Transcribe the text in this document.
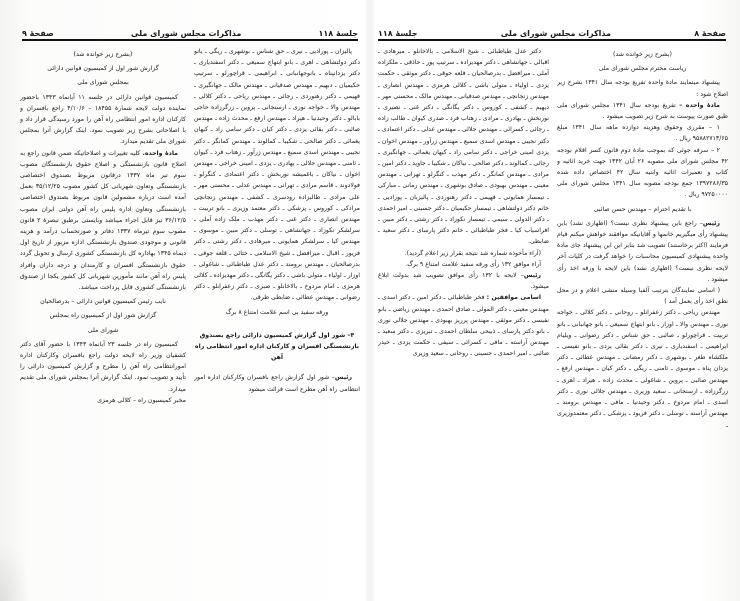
جلسهٔ ۱۱۸
مذاکرات مجلس شورای ملی
صفحهٔ ۹

پالیزان ـ پورادیی ـ نیری ـ حق شناس ـ بوشهری ـ ریگی ـ بانو دکتر دولتشاهی ـ اهری ـ بانو ابتهاج سمیعی ـ دکتر اسفندیاری ـ دکتر یزدانپناه ـ بانوجهانبانی ـ ابراهیمی ـ قراچورلو ـ سرتیپ حکیمیان ـ دبهیم ـ مهندس صدقیانی ـ مهندس مالک ـ جهانگیری ـ فهیمی ـ دکتر رهنوردی ـ رجائی ـ مهندس ریاحی ـ دکتر کلالی ـ مهندس والا ـ خواجه نوری ـ ارسنجانی ـ پروین ـ زرگرزاده حاجی بابالو ـ دکتر وحیدنیا ـ هیراد ـ مهندس ارفع ـ محدث زاده ـ مهندس صائبی ـ دکتر بقائی یزدی ـ دکتر کیان ـ دکتر سامی راد ـ کیهان یغمائی ـ دکتر صالحی ـ شکیبا ـ کمالوند ـ مهندس کمانگر ـ دکتر نجیبی ـ مهندس اسدی سمیع ـ مهندس زرآور ـ زهتاب فرد ـ کیوان ـ ثامنی ـ مهندس جلالی ـ بهادری ـ یزدی ـ امینی خراجی ـ مهندس اخوان ـ نیاکان ـ باغمیشه نوربخش ـ دکتر اعتمادی ـ کنگرلو ـ فولادوند ـ قاسم مرادی ـ تهرانی ـ مهندس عدلی ـ محسنی مهر ـ علی مرادی ـ طالبزاده رودسری ـ کشفی ـ مهندس زنجانچی مرادکی ـ کوروس ـ پزشکی ـ دکتر معتمد وزیری ـ بانو تربیت ـ مهندس انصاری ـ دکتر غنی ـ دکتر مهذب ـ ملک زاده آملی ـ سرلشکر نکوزاد ـ جهانشاهی ـ توسلی ـ دکتر مبین ـ موسوی ـ مهندس کیا ـ سرلشکر همایونی ـ میرهادی ـ دکتر رشتی ـ دکتر فریور ـ اقبال ـ میرافضل ـ شیخ الاسلامی ـ ختائی ـ قلعه جوقی ـ بدرصالحیان ـ مهندس برومند ـ دکتر عدل طباطبائی ـ شاغولی ـ اوزار ـ اولیاء ـ متولی باشی ـ دکتر یگانگی ـ دکتر مهدیزاده ـ کلالی هرمزی ـ امام مردوخ ـ بالاخانلو ـ صبری ـ دکتر زعفرانلو ـ دکتر رضوانی ـ مهندس عطائی ـ ضابطی طرقی.

ورقه سفید بی اسم علامت امتناع ۸ برگ

۴– شور اول گزارش کمیسیون دارائی راجع بصندوق بازنشستگی افسران و کارکنان اداره امور انتظامی راه آهن

رئیس– شور اول گزارش راجع بافسران وکارکنان اداره امور انتظامی راه آهن مطرح است قرائت میشود

(بشرح زیر خوانده شد)

گزارش شور اول از کمیسیون قوانین دارائی

بمجلس شورای ملی

کمیسیون قوانین دارائی در جلسه ۱۱ آبانماه ۱۳۴۳ باحضور نماینده دولت لایحه شمارهٔ ۱۸۴۵۵ – ۴/۱۰/۶ راجع بافسران و کارکنان اداره امور انتظامی راه آهن را مورد رسیدگی قرار داد و با اصلاحاتی بشرح زیر تصویب نمود. اینک گزارش آنرا بمجلس شورای ملی تقدیم میدارد.

مادهٔ واحده. کلیه تغییرات و اصلاحاتیکه ضمن قانون راجع به اصلاح قانون بازنشستگی و اصلاح حقوق بازنشستگان مصوب سوم تیر ماه ۱۳۳۷ درقانون مربوط بصندوق اختصاصی بازنشستگی وتعاون شهربانی کل کشور مصوب ۳۵/۱۲/۲۵ بعمل آمده است درباره مشمولین قانون مربوط بصندوق اختصاصی بازنشستگی وتعاون اداره پلیس راه آهن دولتی ایران مصوب ۳۶/۱۲/۵ نیز قابل اجراء میباشد وبایستی برطبق تبصرهٔ ۲ قانون مصوب سوم تیرماه ۱۳۳۷ دفاتر و صورتحساب درآمد و هزینه قانونی و موجودی صندوق بازنشستگی اداره مزبور از تاریخ اول دیماه ۱۳۴۵ بهاداره کل بازنشستگی کشوری ارسال و تحویل گردد حقوق بازنشستگی افسران و کارمندان و درجه داران وافراد پلیس راه آهن مانند مأمورین شهربانی کل کشور یکجا از صندوق بازنشستگی کشوری قابل پرداخت میباشد.

نایب رئیس کمیسیون قوانین دارائی – بدرصالحیان

گزارش شور اول از کمیسیون راه بمجلس

شورای ملی

کمیسیون راه در جلسه ۲۳ آبانماه ۱۳۴۳ با حضور آقای دکتر کشفیان وزیر راه لایحه دولت راجع بافسران وکارکنان اداره امورانتظامی راه آهن را مطرح و گزارش کمیسیون دارائی را تأیید و تصویب نمود. اینک گزارش آنرا بمجلس شورای ملی تقدیم میدارد.

مخبر کمیسیون راه – کلالی هرمزی

صفحهٔ ۸
مذاکرات مجلس شورای ملی
جلسهٔ ۱۱۸

(بشرح زیر خوانده شد)

ریاست محترم مجلس شورای ملی

پیشنهاد مینمایند مادهٔ واحده تفریغ بودجه سال ۱۳۴۱ بشرح زیر اصلاح شود :

مادهٔ واحده – تفریغ بودجه سال ۱۳۴۱ مجلس شورای ملی طبق صورت پیوست به شرح زیر تصویب میشود .

۱ – مقرری وحقوق وهزینه دوازده ماهه سال ۱۳۴۱ مبلغ ۹۵۸۸۲۷۱۳/۶۵ ریال .

۲ – سرفه جوئی که بموجب مادهٔ دوم قانون کسر اقلام بودجه ۴۲ مجلس شورای ملی مصوبه ۲۶ آبان ۱۳۴۲ جهت خرید اثاثیه و کتاب و تعمیرات اثاثیه وابنیه سال ۴۲ اختصاص داده شده ۱۳۹۷۲۸۶/۳۵ جمع بودجه مصوبه سال ۱۳۴۱ مجلس شورای ملی ۹۷۲۵۰۰۰۰ ریال .

با تقدیم احترام – مهندس حسن صائبی

رئیس– راجع باین پیشنهاد نظری نیست؟ (اظهاری نشد) باین پیشنهاد رأی میگیریم خانمها و آقایانیکه موافقند خواهش میکنم قیام فرمایند (اکثر برخاستند) تصویب شد بنابر این این پیشنهاد جای مادهٔ واحده پیشنهادی کمیسیون محاسبات را خواهد گرفت در کلیات آخر لایحه نظری نیست؟ (اظهاری نشد) باین لایحه با ورقه اخذ رأی میشود .

( اسامی نمایندگان بترتیب آلفبا وسیله منشی اعلام و در محل نطق اخذ رأی بعمل آمد )

مهندس ریاحی ـ دکتر زعفرانلو ـ روحانی ـ دکتر کلالی ـ خواجه نوری ـ مهندس والا ـ اوزار ـ بانو ابتهاج سمیعی ـ بانو جهانبانی ـ بانو تربیت ـ قراچورلو ـ صائبی ـ حق شناس ـ دکتر رضوانی ـ ویلیام ابراهیمی ـ اسفندیاری ـ نیری ـ دکتر بقائی یزدی ـ بانو نفیسی ـ ملکشاه طغر ـ بوشهری ـ دکتر رمضانی ـ مهندس عطائی ـ دکتر یزدان پناه ـ موسوی ـ ثامنی ـ ریگی ـ دکتر کیان ـ مهندس ارفع ـ مهندس صائبی ـ پروین ـ شاغولی ـ محدث زاده ـ هیراد ـ اهری ـ زرگرزاده ـ ارسنجانی ـ سعید وزیری ـ مهندس جلالی نوری ـ دکتر اسدی ـ امام مردوخ ـ دکتر وحیدنیا ـ مافی ـ مهندس برومند ـ مهندس آراسته ـ توسلی ـ دکتر فریود ـ پزشکی ـ دکتر معتمدوزیری ـ

دکتر عدل طباطبائی ـ شیخ الاسلامی ـ بالاخانلو ـ میرهادی ـ اقبالی ـ جهانشاهی ـ دکتر مهدیزاده ـ سرتیپ پور ـ حاذقی ـ ملکزاده آملی ـ میرافضل ـ بدرصالحیان ـ قلعه جوقی ـ دکتر موثقی ـ حکمت یزدی ـ اولیاء ـ متولی باشی ـ کلالی هرمزی ـ مهندس انصاری ـ مهندس زنجانچی ـ مهندس صدقیانی ـ مهندس مالک ـ محسنی مهر ـ دیهیم ـ کشفی ـ کوروس ـ دکتر یگانگی ـ دکتر غنی ـ نصیری ـ نوربخش ـ بهادری ـ مرادی ـ زهتاب فرد ـ صدری کیوان ـ طالب زاده ـ رجائی ـ کسرائی ـ مهندس جلالی ـ مهندس عدلی ـ دکتر اعتمادی ـ دکتر نجیبی ـ مهندس اسدی سمیع ـ مهندس زرآور ـ مهندس اخوان ـ یزدی امینی خراجی ـ دکتر سامی راد ـ کیهان یغمائی ـ جهانگیری ـ رجائی ـ کمالوند ـ دکتر صالحی ـ نیاکان ـ شکیبا ـ جاوید ـ دکتر امین ـ مرادی ـ مهندس کمانگر ـ دکتر مهذب ـ کنگرلو ـ تهرانی ـ مهندس معینی ـ مهندس بهبودی ـ صادق بوشهری ـ مهندس رمانی ـ مبارکی ـ تیمسار همایونی ـ فهیمی ـ دکتر رهنوردی ـ پالیزبان ـ پورادیی ـ خانم دکتر دولتشاهی ـ تیمسار حکیمیان ـ دکتر حسینی ـ امیر احمدی ـ دکتر الدولی ـ سیمی ـ تیمسار نکوزاد ـ دکتر رشتی ـ دکتر مبین ـ افراسیاب کیا ـ فخر طباطبائی ـ خانم دکتر پارسای ـ دکتر سعید ـ ضابطی.

(آراء مأخوذه شماره شد نتیجه بقرار زیر اعلام گردید).

آراء موافق ۱۳۲ رأی ورقه سفید علامت امتناع ۹ برگ.

رئیس– لایحه با ۱۳۲ رأی موافق تصویب شد بدولت ابلاغ میشود.

اسامی موافقین : فخر طباطبائی ـ دکتر امین ـ دکتر اسدی ـ مهندس معینی ـ دکتر المولی ـ صادق احمدی ـ مهندس ریاضی ـ بانو نفیسی ـ دکتر موثقی ـ مهندس پرریز بهبودی ـ مهندس جلالی نوری ـ بانو دکتر پارسای ـ ذبیحی سلطان احمدی ـ تبریزی ـ دکتر سعید ـ مهندس آراسته ـ مافی ـ کسرائی ـ سیفی ـ حکمت یزدی ـ حیدر صائبی ـ امیر احمدی ـ حسینی ـ روحانی ـ سعید وزیری
